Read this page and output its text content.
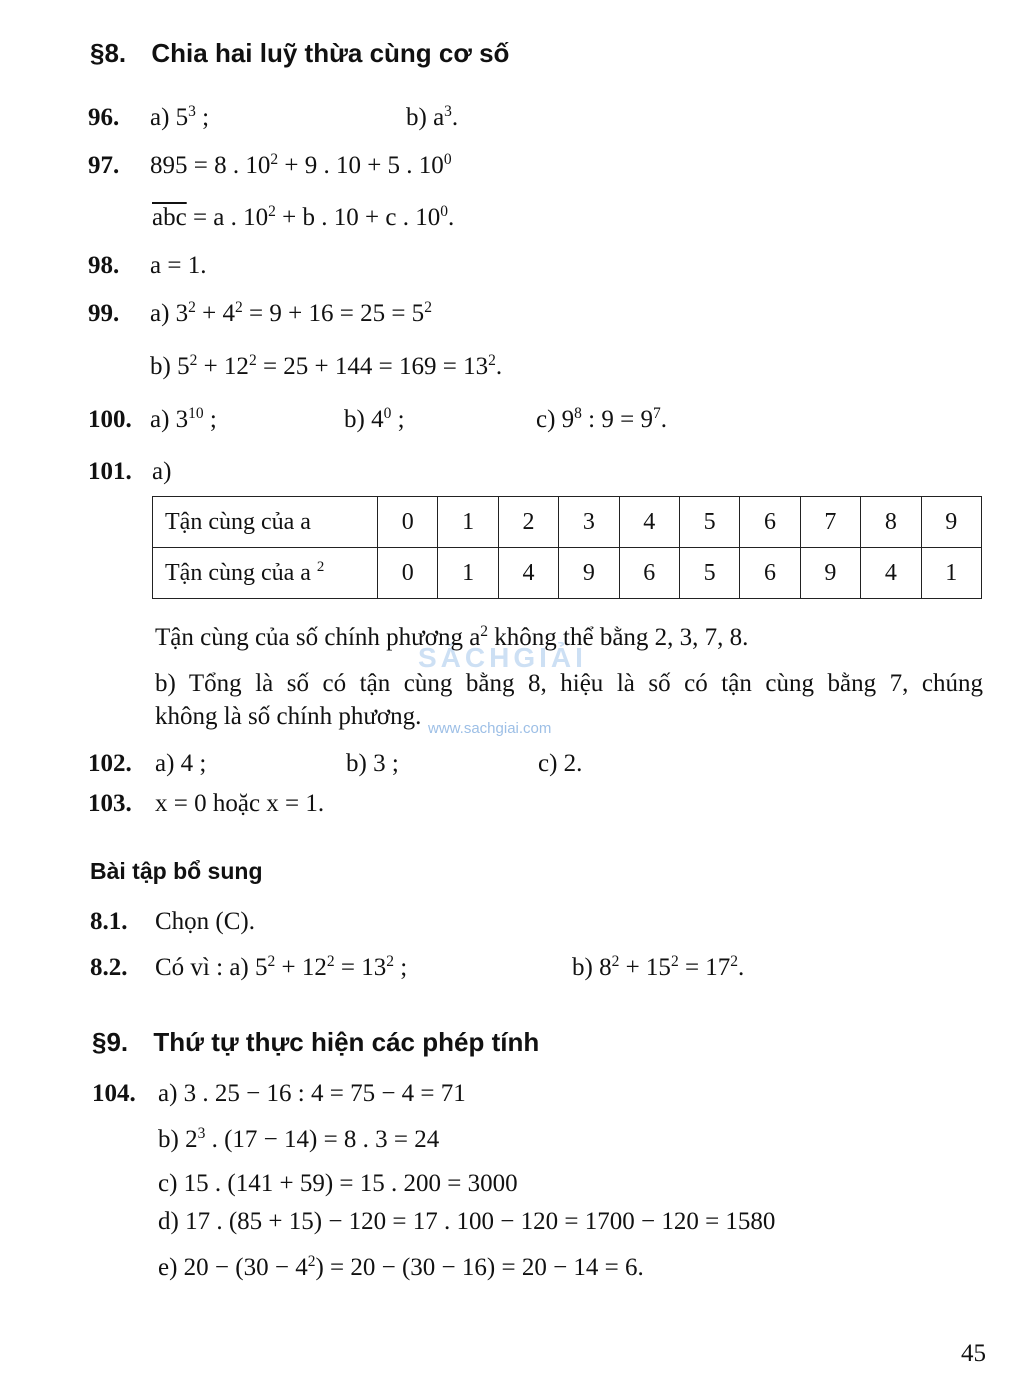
§8. Chia hai luỹ thừa cùng cơ số
96. a) $5^3$ ;	b) $a^3$.
97. 895 = 8 . $10^2 + 9$ . 10 + 5 . $10^0$
$\overline{abc} = a$ . $10^2 + b$ . 10 + c . $10^0$.
98. a = 1.
99. a) $3^2 + 4^2 = 9 + 16 = 25 = 5^2$
b) $5^2 + 12^2 = 25 + 144 = 169 = 13^2$.
100. a) $3^{10}$ ;	b) $4^0$ ;	c) $9^8$ : $9 = 9^7$.
101. a)
Tận cùng của a	0	1	2	3	4	5	6	7	8	9
Tận cùng của a $^2$	0	1	4	9	6	5	6	9	4	1
SÁCHGIẢI
Tận cùng của số chính phương $a^2$ không thể bằng 2, 3, 7, 8.
b) Tổng là số có tận cùng bằng 8, hiệu là số có tận cùng bằng 7, chúng
không là số chính phương. www.sachgiai.com
102. a) 4 ;	b) 3 ;	c) 2.
103. x = 0 hoặc x = 1.
Bài tập bổ sung
8.1. Chọn (C).
8.2. Có vì : a) $5^2 + 12^2 = 13^2$ ;	b) $8^2 + 15^2 = 17^2$.
§9. Thứ tự thực hiện các phép tính
104. a) 3 . 25 − 16 : 4 = 75 − 4 = 71
b) $2^3$ . (17 − 14) = 8 . 3 = 24
c) 15 . (141 + 59) = 15 . 200 = 3000
d) 17 . (85 + 15) − 120 = 17 . 100 − 120 = 1700 − 120 = 1580
e) $20 - (30 - 4^2) = 20 - (30 - 16) = 20 - 14 = 6$.
45
